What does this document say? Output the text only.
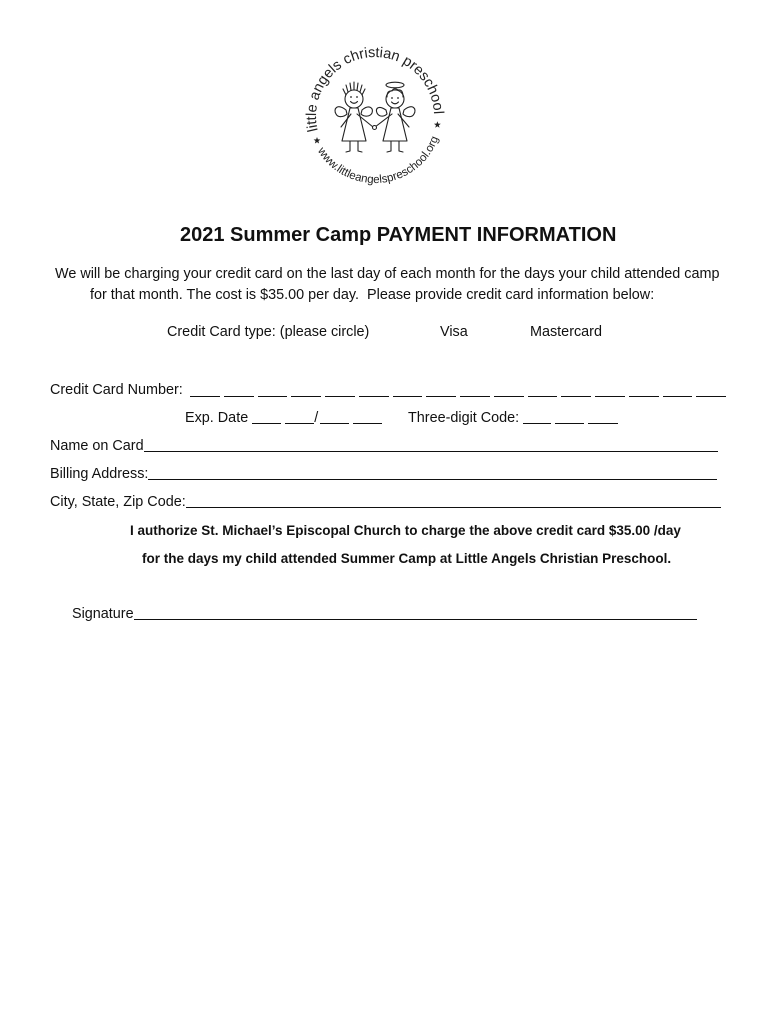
little angels christian preschool
www.littleangelspreschool.org
2021 Summer Camp PAYMENT INFORMATION
We will be charging your credit card on the last day of each month for the days your child attended camp
for that month. The cost is $35.00 per day.  Please provide credit card information below:
Credit Card type: (please circle)	Visa	Mastercard
Credit Card Number:
Exp. Date	/	Three-digit Code:
Name on Card
Billing Address:
City, State, Zip Code:
I authorize St. Michael’s Episcopal Church to charge the above credit card $35.00 /day
for the days my child attended Summer Camp at Little Angels Christian Preschool.
Signature
